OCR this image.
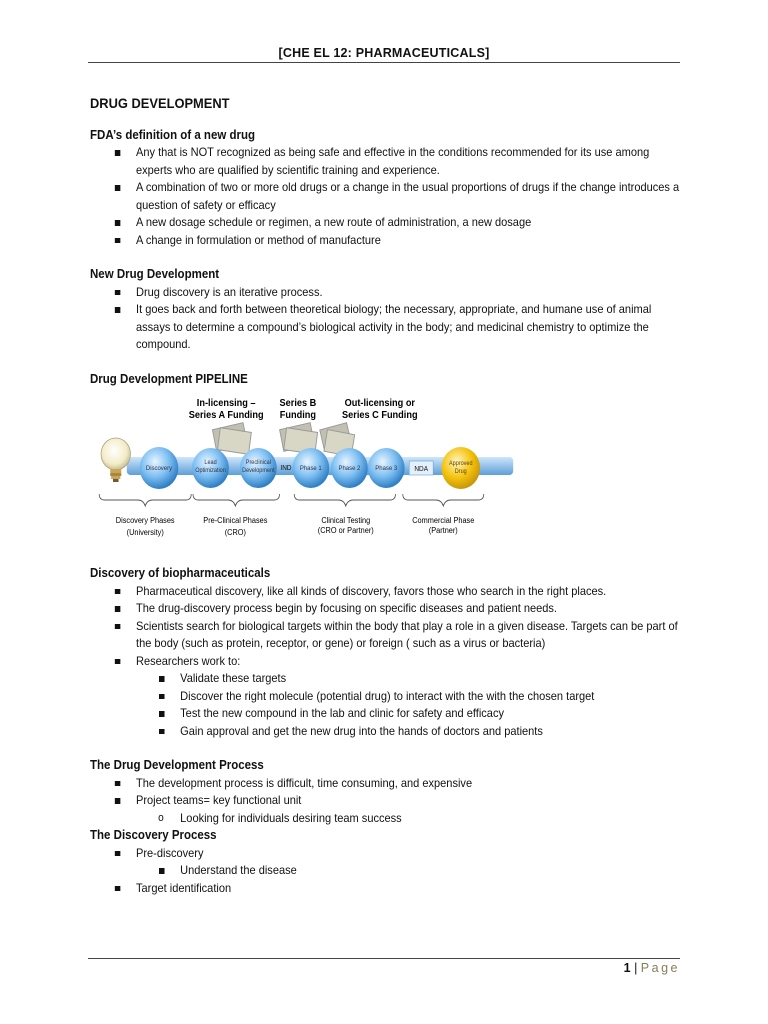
[CHE EL 12: PHARMACEUTICALS]
DRUG DEVELOPMENT
FDA’s definition of a new drug
Any that is NOT recognized as being safe and effective in the conditions recommended for its use among experts who are qualified by scientific training and experience.
A combination of two or more old drugs or a change in the usual proportions of drugs if the change introduces a question of safety or efficacy
A new dosage schedule or regimen, a new route of administration, a new dosage
A change in formulation or method of manufacture
New Drug Development
Drug discovery is an iterative process.
It goes back and forth between theoretical biology; the necessary, appropriate, and humane use of animal assays to determine a compound’s biological activity in the body; and medicinal chemistry to optimize the compound.
Drug Development PIPELINE
In-licensing –
Series A Funding
Series B
Funding
Out-licensing or
Series C Funding
Discovery
Lead
Optimization
Preclinical
Development IND Phase 1	Phase 2 Phase 3 NDA
Approved
Drug
Discovery Phases
(University)
Pre-Clinical Phases
(CRO)
Clinical Testing
(CRO or Partner)
Commercial Phase
(Partner)
Discovery of biopharmaceuticals
Pharmaceutical discovery, like all kinds of discovery, favors those who search in the right places.
The drug-discovery process begin by focusing on specific diseases and patient needs.
Scientists search for biological targets within the body that play a role in a given disease. Targets can be part of the body (such as protein, receptor, or gene) or foreign ( such as a virus or bacteria)
Researchers work to:
Validate these targets
Discover the right molecule (potential drug) to interact with the with the chosen target
Test the new compound in the lab and clinic for safety and efficacy
Gain approval and get the new drug into the hands of doctors and patients
The Drug Development Process
The development process is difficult, time consuming, and expensive
Project teams= key functional unit
o Looking for individuals desiring team success
The Discovery Process
Pre-discovery
Understand the disease
Target identification
1 | Page
